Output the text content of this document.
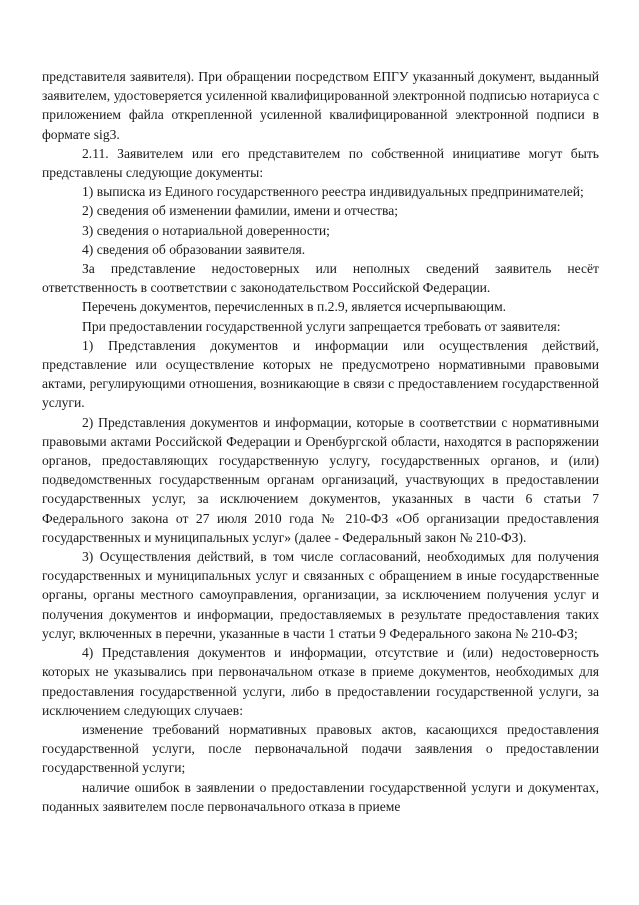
представителя заявителя). При обращении посредством ЕПГУ указанный документ, выданный заявителем, удостоверяется усиленной квалифицированной электронной подписью нотариуса с приложением файла открепленной усиленной квалифицированной электронной подписи в формате sig3.

2.11. Заявителем или его представителем по собственной инициативе могут быть представлены следующие документы:

1) выписка из Единого государственного реестра индивидуальных предпринимателей;

2) сведения об изменении фамилии, имени и отчества;

3) сведения о нотариальной доверенности;

4) сведения об образовании заявителя.

За представление недостоверных или неполных сведений заявитель несёт ответственность в соответствии с законодательством Российской Федерации.

Перечень документов, перечисленных в п.2.9, является исчерпывающим.

При предоставлении государственной услуги запрещается требовать от заявителя:

1) Представления документов и информации или осуществления действий, представление или осуществление которых не предусмотрено нормативными правовыми актами, регулирующими отношения, возникающие в связи с предоставлением государственной услуги.

2) Представления документов и информации, которые в соответствии с нормативными правовыми актами Российской Федерации и Оренбургской области, находятся в распоряжении органов, предоставляющих государственную услугу, государственных органов, и (или) подведомственных государственным органам организаций, участвующих в предоставлении государственных услуг, за исключением документов, указанных в части 6 статьи 7 Федерального закона от 27 июля 2010 года № 210-ФЗ «Об организации предоставления государственных и муниципальных услуг» (далее - Федеральный закон № 210-ФЗ).

3) Осуществления действий, в том числе согласований, необходимых для получения государственных и муниципальных услуг и связанных с обращением в иные государственные органы, органы местного самоуправления, организации, за исключением получения услуг и получения документов и информации, предоставляемых в результате предоставления таких услуг, включенных в перечни, указанные в части 1 статьи 9 Федерального закона № 210-ФЗ;

4) Представления документов и информации, отсутствие и (или) недостоверность которых не указывались при первоначальном отказе в приеме документов, необходимых для предоставления государственной услуги, либо в предоставлении государственной услуги, за исключением следующих случаев:

изменение требований нормативных правовых актов, касающихся предоставления государственной услуги, после первоначальной подачи заявления о предоставлении государственной услуги;

наличие ошибок в заявлении о предоставлении государственной услуги и документах, поданных заявителем после первоначального отказа в приеме
